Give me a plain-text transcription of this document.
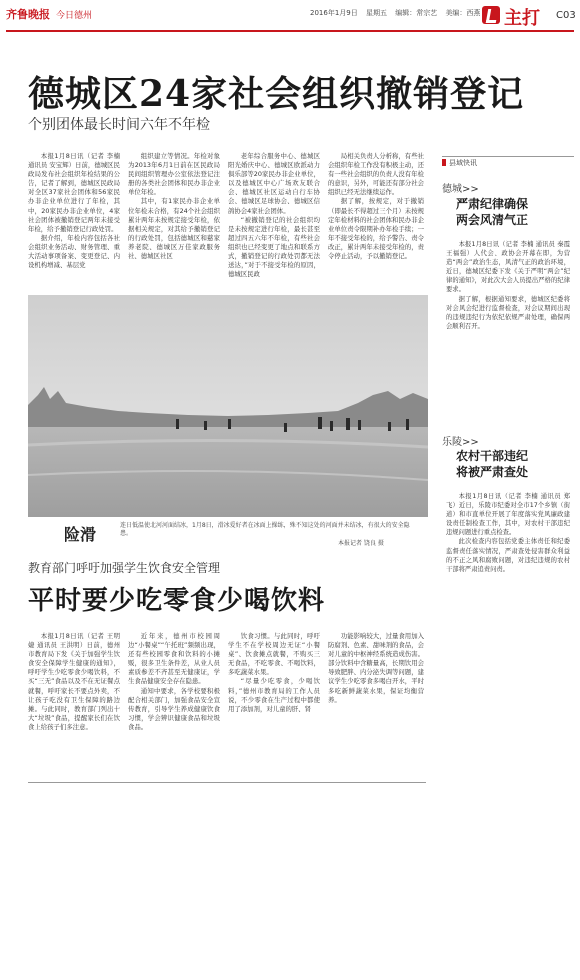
齐鲁晚报 今日德州	2016年1月9日 星期五 编辑：常宗艺 美编：西燕	主打 C03
德城区24家社会组织撤销登记
个别团体最长时间六年不年检

本报1月8日讯（记者 李楠 通讯员 安宝辉）日前，德城区民政局发布社会组织年检结果的公告，记者了解到，德城区民政局对全区37家社会团体和56家民办非企业单位进行了年检，其中，20家民办非企业单位，4家社会团体被撤销登记两年未接受年检，给予撤销登记行政处罚。

据介绍，年检内容包括各社会组织业务活动、财务管理、重大活动事项备案、变更登记、内设机构增减、基层党

组织建立等情况。年检对象为2013年6月1日前在区民政局民间组织管理办公室依法登记注册的各类社会团体和民办非企业单位年检。

其中，有1家民办非企业单位年检未合格，有24个社会组织累计两年未按规定接受年检，依据相关规定，对其给予撤销登记的行政处罚，包括德城区和慈家养老院、德城区万佳家政服务社、德城区社区

老年综合服务中心、德城区阳光婚庆中心、德城区欧派动力俱乐部等20家民办非企业单位，以及德城区中心广场欢友联合会、德城区社区运动自行车协会、德城区足球协会、德城区信鸽协会4家社会团体。

“被撤销登记的社会组织均是未按规定进行年检，最长甚至超过四五六年不年检，有些社会组织也已经变更了地点和联系方式，撤销登记的行政处罚都无法送达，”对于不接受年检的原因，德城区民政

局相关负责人分析称，有些社会组织年检工作没有积极主动，还有一些社会组织的负责人没有年检的意识，另外，可能还有部分社会组织已经无法继续运作。

据了解，按规定，对于撤销（即最长不得超过三个月）未按规定年检材料的社会团体和民办非企业单位责令限期补办年检手续；一年不接受年检的，给予警告、责令改正，累计两年未接受年检的，责令停止活动，予以撤销登记。

险滑	连日低温使北河河面结冰，1月8日，滑冰爱好者在冰面上操练，殊不知这处的河面并未结冰，有很大的安全隐患。
本报记者 饶良 摄
教育部门呼吁加强学生饮食安全管理
平时要少吃零食少喝饮料

本报1月8日讯（记者 王明婕 通讯员 王洪明）日前，德州市教育局下发《关于加强学生饮食安全保障学生健康的通知》，呼吁学生少吃零食少喝饮料，不买“三无”食品以及不在无证餐点就餐，呼吁家长不要点外卖，不让孩子吃没有卫生保障的路边摊。与此同时，教育部门列出十大“垃圾”食品，提醒家长们在饮食上给孩子们多注意。

近年来，德州市校园周边“小餐桌”“午托班”频频出现，还有些校园零食和饮料的小摊贩，很多卫生条件差，从业人员素质参差不齐甚至无健康证，学生食品健康安全存在隐患。

通知中要求，各学校要积极配合相关部门，加强食品安全宣传教育，引导学生养成健康饮食习惯，学会辨识健康食品和垃圾食品。

饮食习惯。与此同时，呼吁学生不在学校周边无证“小餐桌”、饮食摊点就餐，不购买三无食品，不吃零食、不喝饮料，多吃蔬菜水果。

“尽量少吃零食，少喝饮料，”德州市教育局的工作人员说，不少零食在生产过程中都使用了添加剂，对儿童的肝、肾

功能影响较大，过量食用加入防腐剂、色素、甜味剂的食品，会对儿童的中枢神经系统造成伤害。部分饮料中含糖量高，长期饮用会导致肥胖、内分泌失调等问题，建议学生少吃零食多喝白开水，平时多吃新鲜蔬菜水果，保证均衡营养。

县域快讯
德城>>
严肃纪律确保
两会风清气正

本报1月8日讯（记者 李楠 通讯员 秦霞 王福强）人代会、政协会开幕在即，为营造“两会”政治生态，风清气正的政治环境，近日，德城区纪委下发《关于严明“两会”纪律的通知》，对此次大会人员提出严格的纪律要求。

据了解，根据通知要求，德城区纪委将对会风会纪进行监督检查，对会议期间出现的违规违纪行为依纪依规严肃处理，确保两会顺利召开。

乐陵>>
农村干部违纪
将被严肃查处

本报1月8日讯（记者 李楠 通讯员 郑飞）近日，乐陵市纪委对全市17个乡镇（街道）和市直单位开展了年度落实党风廉政建设责任制检查工作，其中，对农村干部违纪违规问题进行重点检查。

此次检查内容包括党委主体责任和纪委监督责任落实情况，严肃查处侵害群众利益的不正之风和腐败问题，对违纪违规的农村干部将严肃追责问责。
